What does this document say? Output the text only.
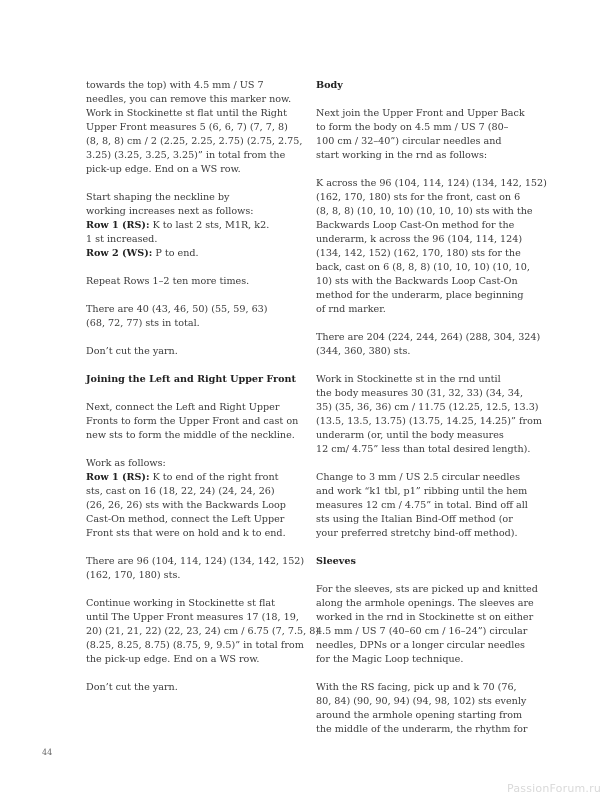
towards the top) with 4.5 mm / US 7
needles, you can remove this marker now.
Work in Stockinette st flat until the Right
Upper Front measures 5 (6, 6, 7) (7, 7, 8)
(8, 8, 8) cm / 2 (2.25, 2.25, 2.75) (2.75, 2.75,
3.25) (3.25, 3.25, 3.25)” in total from the
pick-up edge. End on a WS row.
Start shaping the neckline by
working increases next as follows:
Row 1 (RS): K to last 2 sts, M1R, k2.
1 st increased.
Row 2 (WS): P to end.
Repeat Rows 1–2 ten more times.
There are 40 (43, 46, 50) (55, 59, 63)
(68, 72, 77) sts in total.
Don’t cut the yarn.
Joining the Left and Right Upper Front
Next, connect the Left and Right Upper
Fronts to form the Upper Front and cast on
new sts to form the middle of the neckline.
Work as follows:
Row 1 (RS): K to end of the right front
sts, cast on 16 (18, 22, 24) (24, 24, 26)
(26, 26, 26) sts with the Backwards Loop
Cast-On method, connect the Left Upper
Front sts that were on hold and k to end.
There are 96 (104, 114, 124) (134, 142, 152)
(162, 170, 180) sts.
Continue working in Stockinette st flat
until The Upper Front measures 17 (18, 19,
20) (21, 21, 22) (22, 23, 24) cm / 6.75 (7, 7.5, 8)
(8.25, 8.25, 8.75) (8.75, 9, 9.5)” in total from
the pick-up edge. End on a WS row.
Don’t cut the yarn.
Body
Next join the Upper Front and Upper Back
to form the body on 4.5 mm / US 7 (80–
100 cm / 32–40”) circular needles and
start working in the rnd as follows:
K across the 96 (104, 114, 124) (134, 142, 152)
(162, 170, 180) sts for the front, cast on 6
(8, 8, 8) (10, 10, 10) (10, 10, 10) sts with the
Backwards Loop Cast-On method for the
underarm, k across the 96 (104, 114, 124)
(134, 142, 152) (162, 170, 180) sts for the
back, cast on 6 (8, 8, 8) (10, 10, 10) (10, 10,
10) sts with the Backwards Loop Cast-On
method for the underarm, place beginning
of rnd marker.
There are 204 (224, 244, 264) (288, 304, 324)
(344, 360, 380) sts.
Work in Stockinette st in the rnd until
the body measures 30 (31, 32, 33) (34, 34,
35) (35, 36, 36) cm / 11.75 (12.25, 12.5, 13.3)
(13.5, 13.5, 13.75) (13.75, 14.25, 14.25)” from
underarm (or, until the body measures
12 cm/ 4.75” less than total desired length).
Change to 3 mm / US 2.5 circular needles
and work “k1 tbl, p1” ribbing until the hem
measures 12 cm / 4.75” in total. Bind off all
sts using the Italian Bind-Off method (or
your preferred stretchy bind-off method).
Sleeves
For the sleeves, sts are picked up and knitted
along the armhole openings. The sleeves are
worked in the rnd in Stockinette st on either
4.5 mm / US 7 (40–60 cm / 16–24”) circular
needles, DPNs or a longer circular needles
for the Magic Loop technique.
With the RS facing, pick up and k 70 (76,
80, 84) (90, 90, 94) (94, 98, 102) sts evenly
around the armhole opening starting from
the middle of the underarm, the rhythm for
44
PassionForum.ru
